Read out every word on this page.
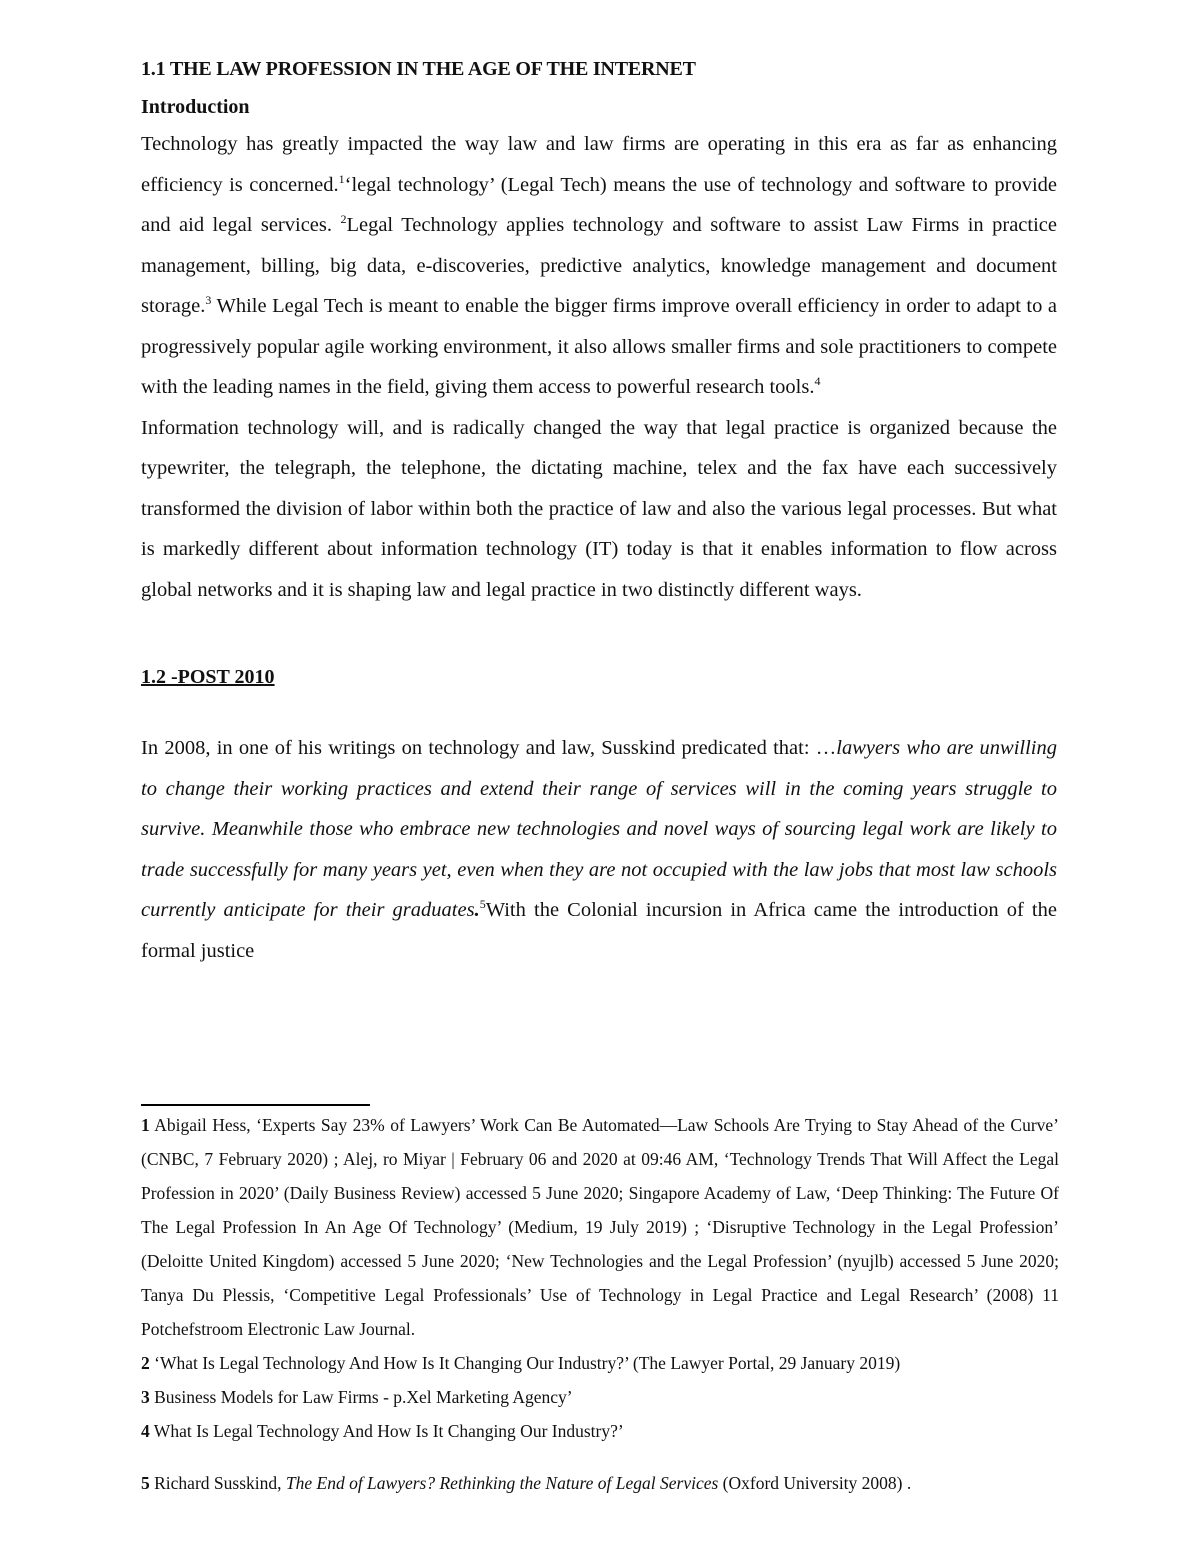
1.1 THE LAW PROFESSION IN THE AGE OF THE INTERNET

Introduction

Technology has greatly impacted the way law and law firms are operating in this era as far as enhancing efficiency is concerned.$^1$‘legal technology’ (Legal Tech) means the use of technology and software to provide and aid legal services. $^2$Legal Technology applies technology and software to assist Law Firms in practice management, billing, big data, e-discoveries, predictive analytics, knowledge management and document storage.$^3$ While Legal Tech is meant to enable the bigger firms improve overall efficiency in order to adapt to a progressively popular agile working environment, it also allows smaller firms and sole practitioners to compete with the leading names in the field, giving them access to powerful research tools.$^4$

Information technology will, and is radically changed the way that legal practice is organized because the typewriter, the telegraph, the telephone, the dictating machine, telex and the fax have each successively transformed the division of labor within both the practice of law and also the various legal processes. But what is markedly different about information technology (IT) today is that it enables information to flow across global networks and it is shaping law and legal practice in two distinctly different ways.

1.2 -POST 2010

In 2008, in one of his writings on technology and law, Susskind predicated that: …lawyers who are unwilling to change their working practices and extend their range of services will in the coming years struggle to survive. Meanwhile those who embrace new technologies and novel ways of sourcing legal work are likely to trade successfully for many years yet, even when they are not occupied with the law jobs that most law schools currently anticipate for their graduates.$^5$With the Colonial incursion in Africa came the introduction of the formal justice

1 Abigail Hess, ‘Experts Say 23% of Lawyers’ Work Can Be Automated—Law Schools Are Trying to Stay Ahead of the Curve’ (CNBC, 7 February 2020) ; Alej, ro Miyar | February 06 and 2020 at 09:46 AM, ‘Technology Trends That Will Affect the Legal Profession in 2020’ (Daily Business Review) accessed 5 June 2020; Singapore Academy of Law, ‘Deep Thinking: The Future Of The Legal Profession In An Age Of Technology’ (Medium, 19 July 2019) ; ‘Disruptive Technology in the Legal Profession’ (Deloitte United Kingdom) accessed 5 June 2020; ‘New Technologies and the Legal Profession’ (nyujlb) accessed 5 June 2020; Tanya Du Plessis, ‘Competitive Legal Professionals’ Use of Technology in Legal Practice and Legal Research’ (2008) 11 Potchefstroom Electronic Law Journal.

2 ‘What Is Legal Technology And How Is It Changing Our Industry?’ (The Lawyer Portal, 29 January 2019)

3 Business Models for Law Firms - p.Xel Marketing Agency’

4 What Is Legal Technology And How Is It Changing Our Industry?’

5 Richard Susskind, The End of Lawyers? Rethinking the Nature of Legal Services (Oxford University 2008) .
